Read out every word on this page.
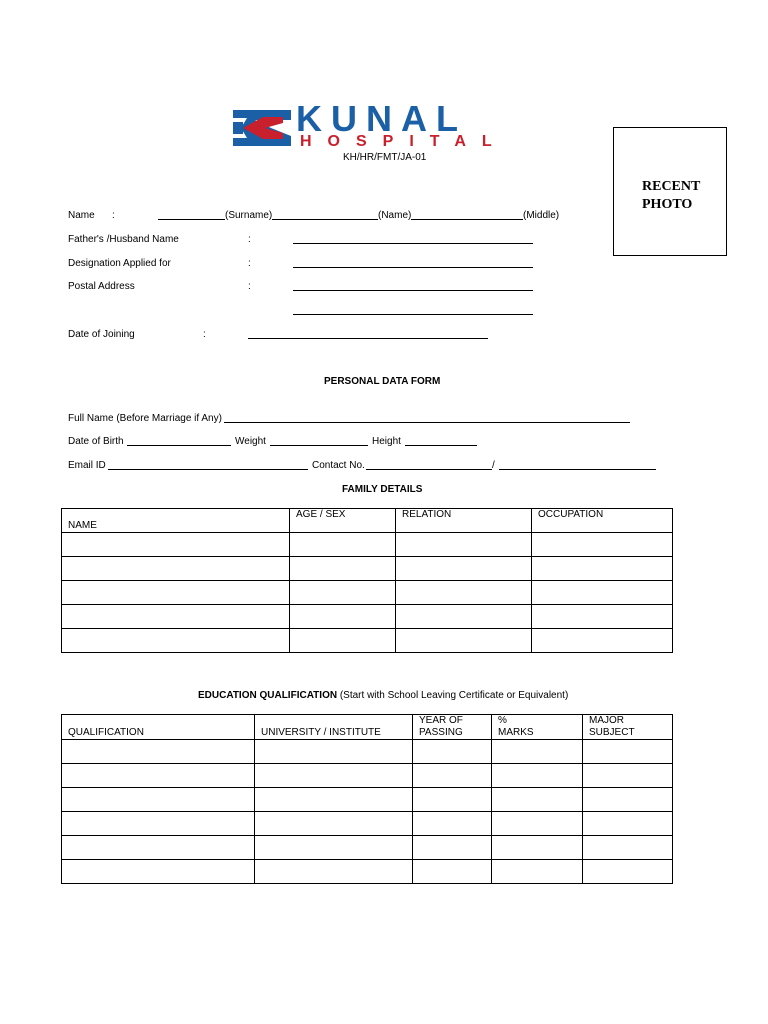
KUNAL
HOSPITAL
KH/HR/FMT/JA-01
RECENT PHOTO
Name :	(Surname)	(Name)	(Middle)
Father's /Husband Name	:
Designation Applied for	:
Postal Address	:
Date of Joining	:
PERSONAL DATA FORM
Full Name (Before Marriage if Any)
Date of Birth	Weight	Height
Email ID	Contact No.	/
FAMILY DETAILS
NAME	AGE / SEX	RELATION	OCCUPATION

EDUCATION QUALIFICATION (Start with School Leaving Certificate or Equivalent)
QUALIFICATION	UNIVERSITY / INSTITUTE	YEAR OF PASSING	% MARKS	MAJOR SUBJECT
